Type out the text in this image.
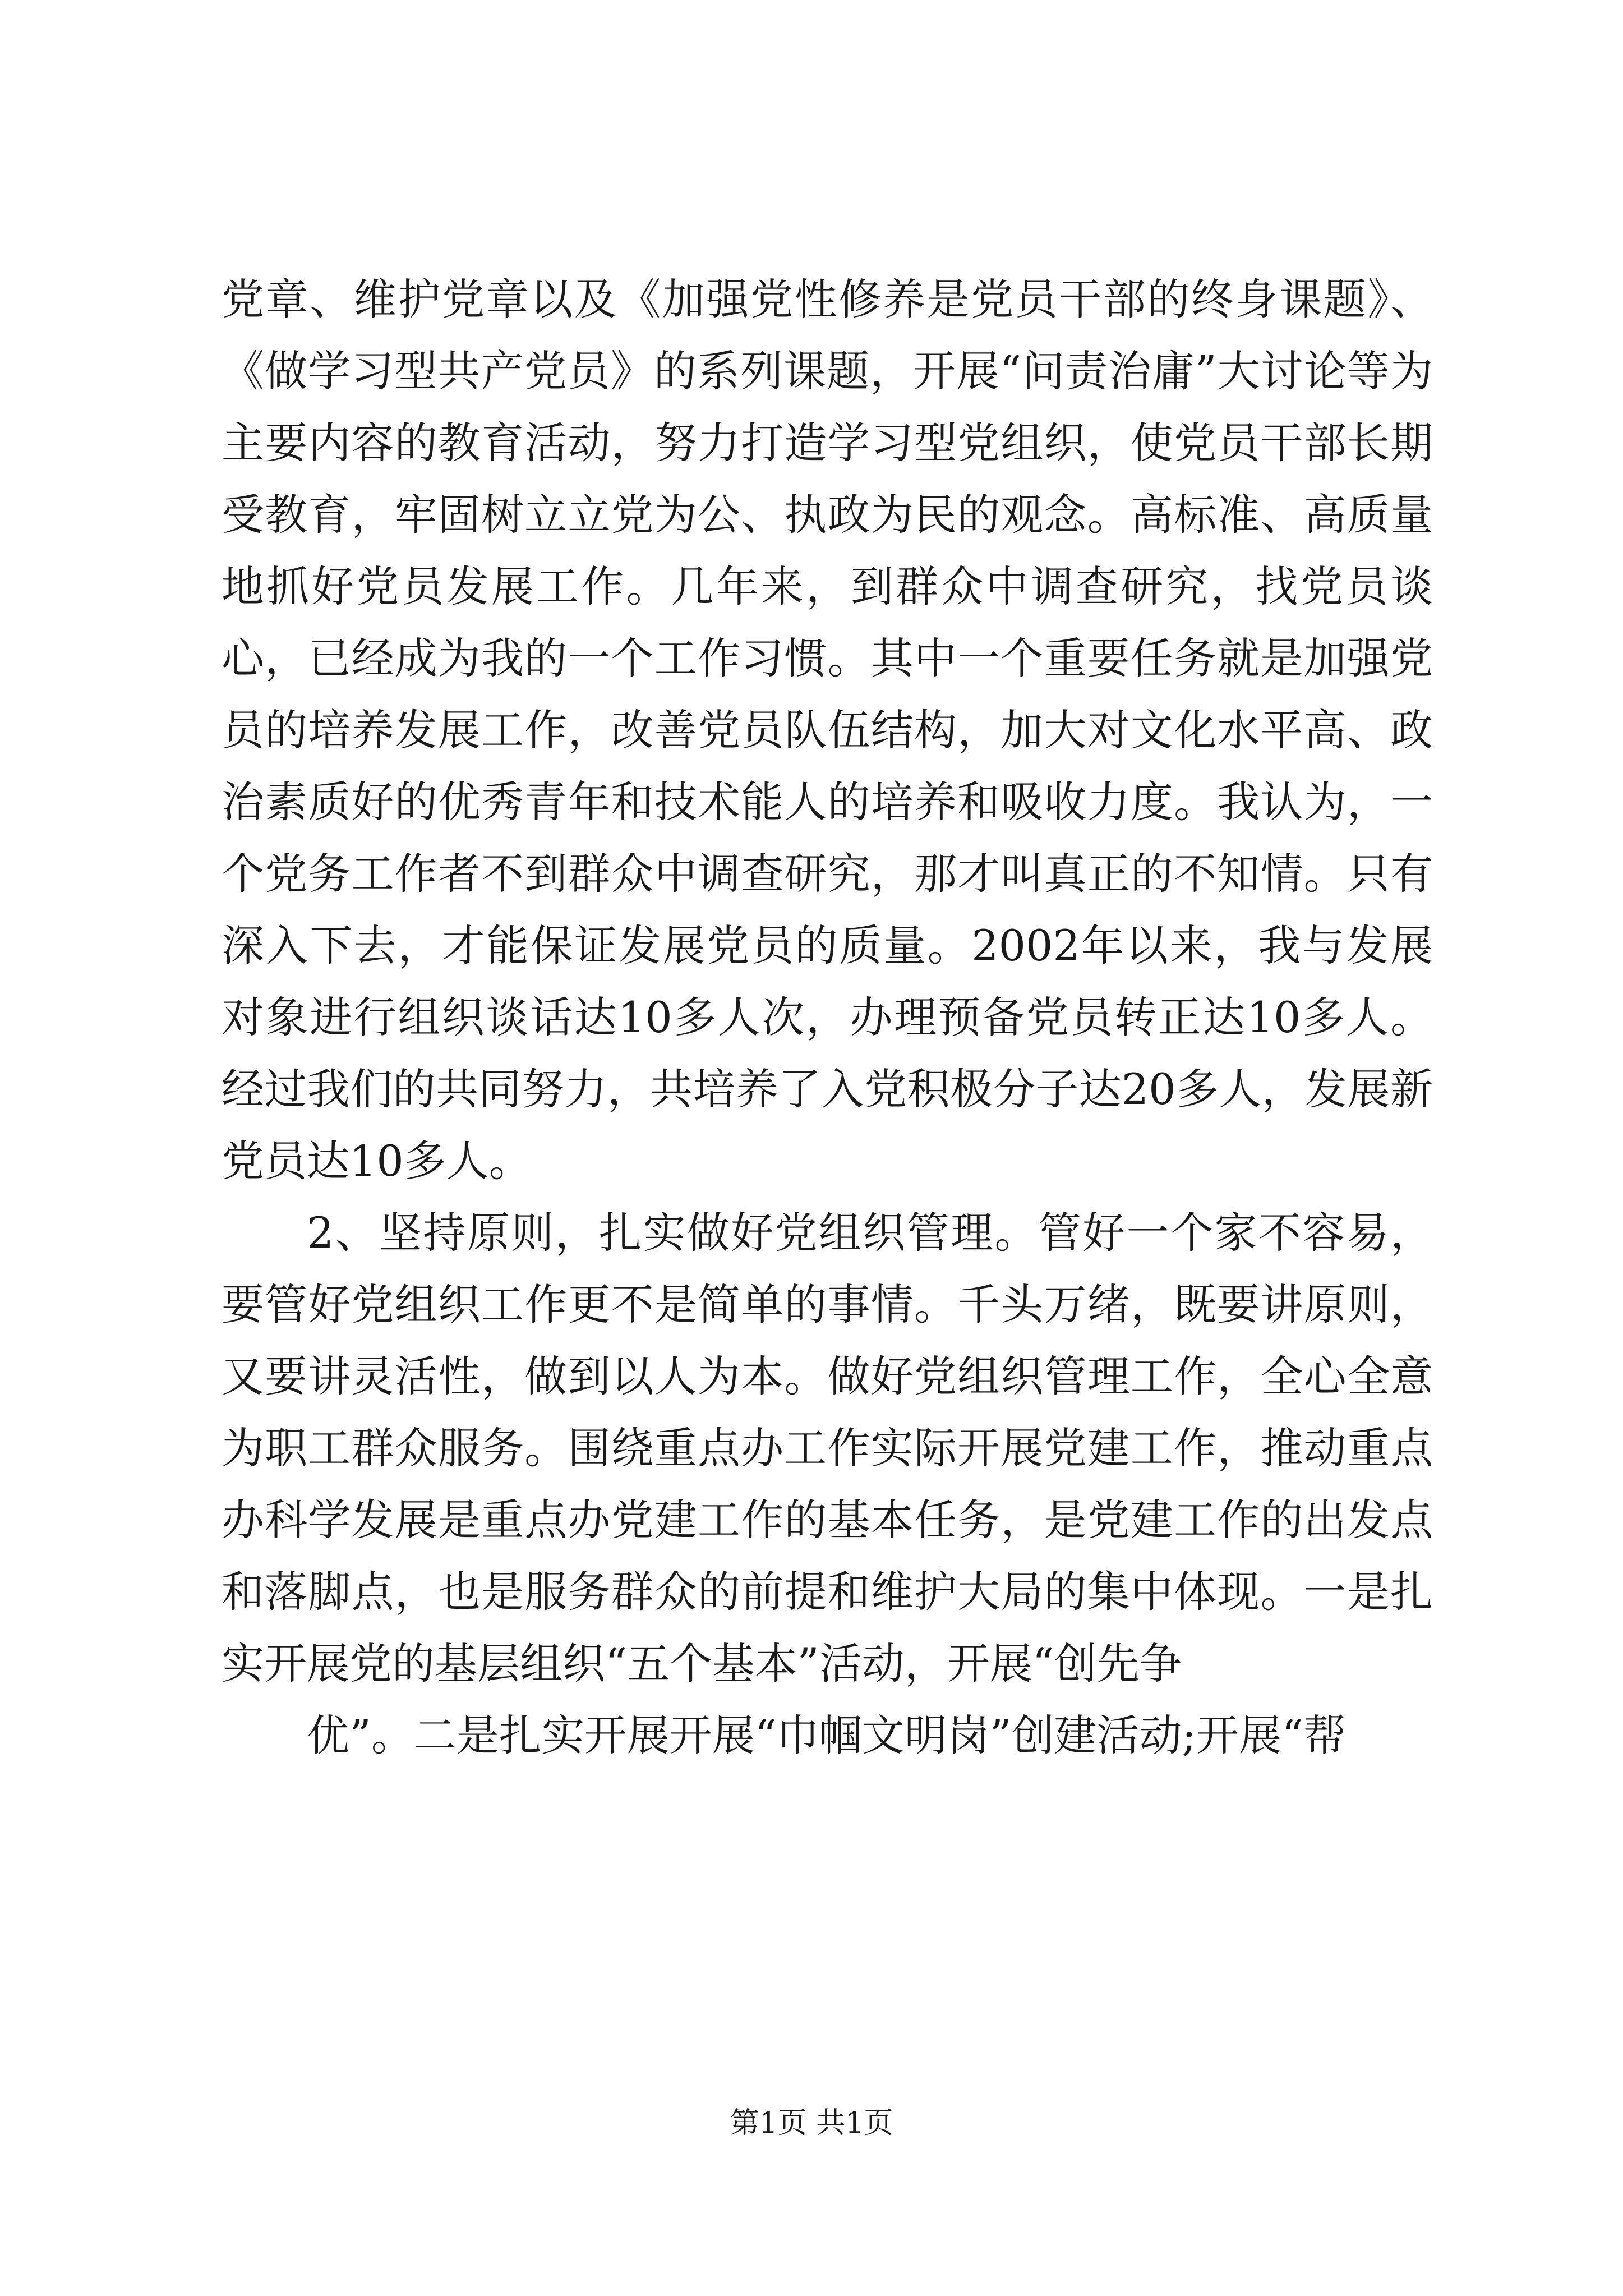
党章、维护党章以及《加强党性修养是党员干部的终身课题》、《做学习型共产党员》的系列课题，开展“问责治庸”大讨论等为主要内容的教育活动，努力打造学习型党组织，使党员干部长期受教育，牢固树立立党为公、执政为民的观念。高标准、高质量地抓好党员发展工作。几年来，到群众中调查研究，找党员谈心，已经成为我的一个工作习惯。其中一个重要任务就是加强党员的培养发展工作，改善党员队伍结构，加大对文化水平高、政治素质好的优秀青年和技术能人的培养和吸收力度。我认为，一个党务工作者不到群众中调查研究，那才叫真正的不知情。只有深入下去，才能保证发展党员的质量。2002年以来，我与发展对象进行组织谈话达10多人次，办理预备党员转正达10多人。经过我们的共同努力，共培养了入党积极分子达20多人，发展新党员达10多人。

2、坚持原则，扎实做好党组织管理。管好一个家不容易，要管好党组织工作更不是简单的事情。千头万绪，既要讲原则，又要讲灵活性，做到以人为本。做好党组织管理工作，全心全意为职工群众服务。围绕重点办工作实际开展党建工作，推动重点办科学发展是重点办党建工作的基本任务，是党建工作的出发点和落脚点，也是服务群众的前提和维护大局的集中体现。一是扎实开展党的基层组织“五个基本”活动，开展“创先争

优”。二是扎实开展开展“巾帼文明岗”创建活动;开展“帮

第1页 共1页
